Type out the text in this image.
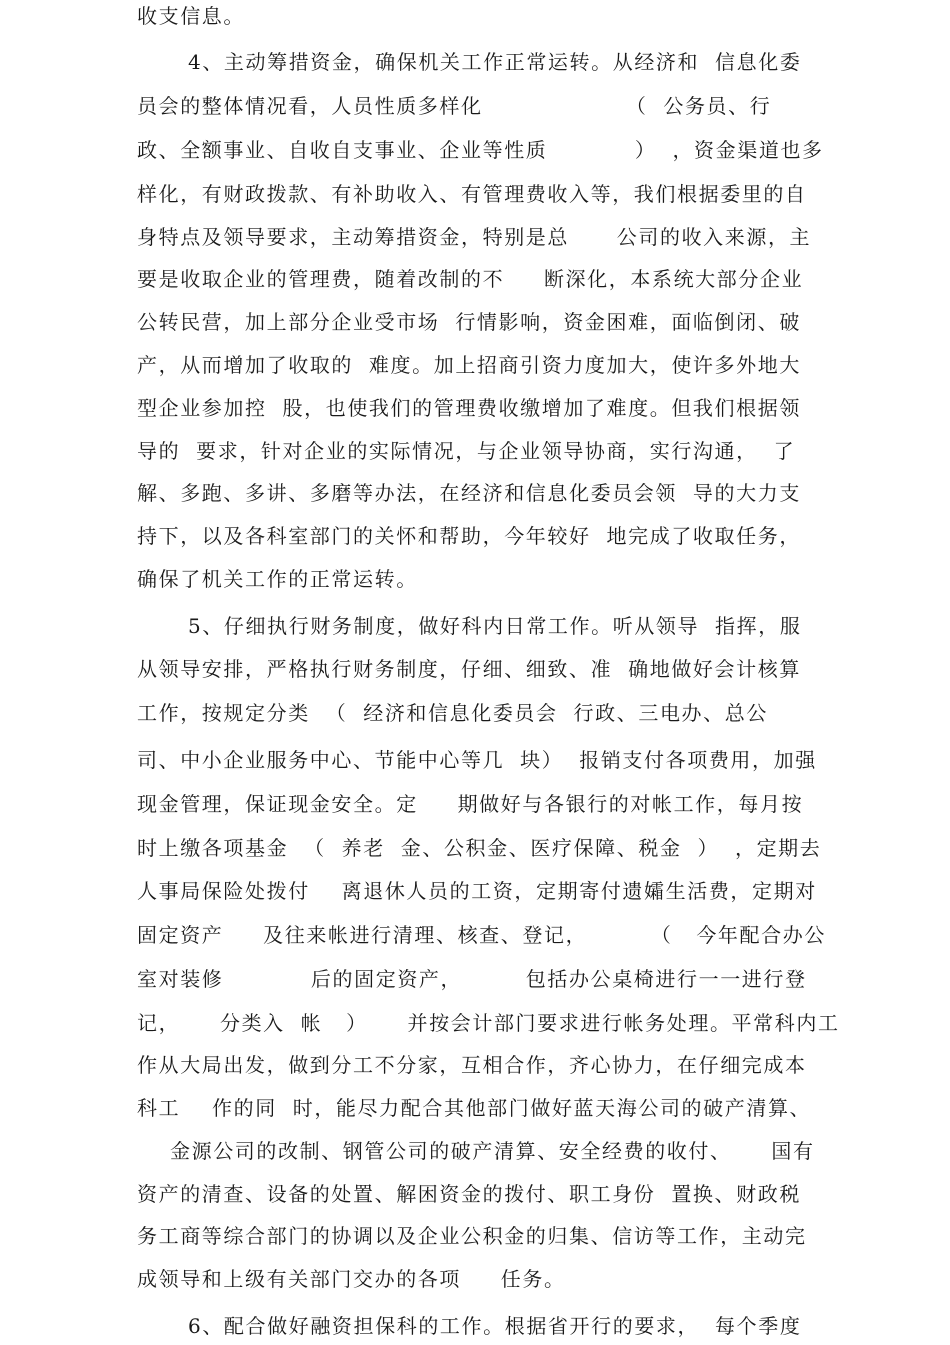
收支信息。
4、主动筹措资金，确保机关工作正常运转。从经济和  信息化委
员会的整体情况看，人员性质多样化                  （  公务员、行
政、全额事业、自收自支事业、企业等性质           ）  ，资金渠道也多
样化，有财政拨款、有补助收入、有管理费收入等，我们根据委里的自
身特点及领导要求，主动筹措资金，特别是总      公司的收入来源，主
要是收取企业的管理费，随着改制的不     断深化，本系统大部分企业
公转民营，加上部分企业受市场  行情影响，资金困难，面临倒闭、破
产，从而增加了收取的  难度。加上招商引资力度加大，使许多外地大
型企业参加控  股，也使我们的管理费收缴增加了难度。但我们根据领
导的  要求，针对企业的实际情况，与企业领导协商，实行沟通，  了
解、多跑、多讲、多磨等办法，在经济和信息化委员会领  导的大力支
持下，以及各科室部门的关怀和帮助，今年较好  地完成了收取任务，
确保了机关工作的正常运转。
5、仔细执行财务制度，做好科内日常工作。听从领导  指挥，服
从领导安排，严格执行财务制度，仔细、细致、准  确地做好会计核算
工作，按规定分类  （  经济和信息化委员会  行政、三电办、总公
司、中小企业服务中心、节能中心等几  块）  报销支付各项费用，加强
现金管理，保证现金安全。定     期做好与各银行的对帐工作，每月按
时上缴各项基金  （  养老  金、公积金、医疗保障、税金  ）  ，定期去
人事局保险处拨付    离退休人员的工资，定期寄付遗孀生活费，定期对
固定资产     及往来帐进行清理、核查、登记，        （   今年配合办公
室对装修           后的固定资产，        包括办公桌椅进行一一进行登
记，     分类入  帐   ）     并按会计部门要求进行帐务处理。平常科内工
作从大局出发，做到分工不分家，互相合作，齐心协力，在仔细完成本
科工    作的同  时，能尽力配合其他部门做好蓝天海公司的破产清算、
金源公司的改制、钢管公司的破产清算、安全经费的收付、     国有
资产的清查、设备的处置、解困资金的拨付、职工身份  置换、财政税
务工商等综合部门的协调以及企业公积金的归集、信访等工作，主动完
成领导和上级有关部门交办的各项     任务。
6、配合做好融资担保科的工作。根据省开行的要求，  每个季度
